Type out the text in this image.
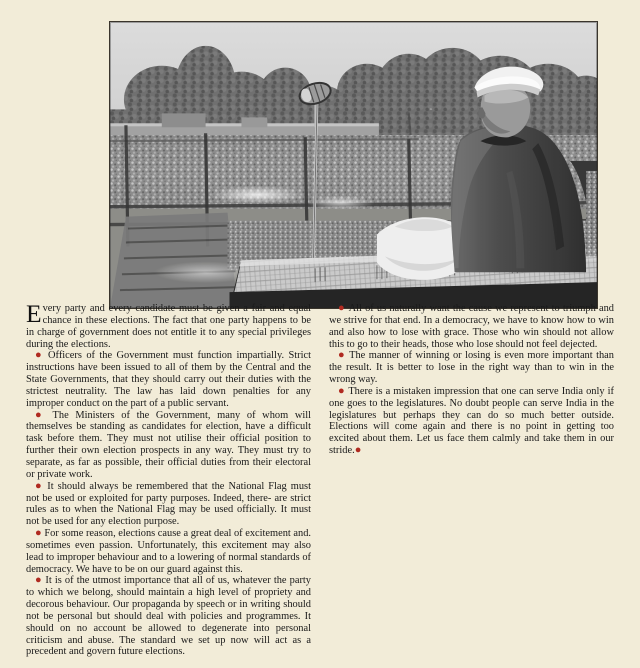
Every party and every candidate must be given a fair and equal chance in these elections. The fact that one party happens to be in charge of government does not entitle it to any special privileges during the elections.

● Officers of the Government must function impartially. Strict instructions have been issued to all of them by the Central and the State Governments, that they should carry out their duties with the strictest neutrality. The law has laid down penalties for any improper conduct on the part of a public servant.

● The Ministers of the Government, many of whom will themselves be standing as candidates for election, have a difficult task before them. They must not utilise their official position to further their own election prospects in any way. They must try to separate, as far as possible, their official duties from their electoral or private work.

● It should always be remembered that the National Flag must not be used or exploited for party purposes. Indeed, there- are strict rules as to when the National Flag may be used officially. It must not be used for any election purpose.

● For some reason, elections cause a great deal of excitement and. sometimes even passion. Unfortunately, this excitement may also lead to improper behaviour and to a lowering of normal standards of democracy. We have to be on our guard against this.

● It is of the utmost importance that all of us, whatever the party to which we belong, should maintain a high level of propriety and decorous behaviour. Our propaganda by speech or in writing should not be personal but should deal with policies and programmes. It should on no account be allowed to degenerate into personal criticism and abuse. The standard we set up now will act as a precedent and govern future elections.

● All of us naturally want the cause we represent to triumph and we strive for that end. In a democracy, we have to know how to win and also how to lose with grace. Those who win should not allow this to go to their heads, those who lose should not feel dejected.

● The manner of winning or losing is even more important than the result. It is better to lose in the right way than to win in the wrong way.

● There is a mistaken impression that one can serve India only if one goes to the legislatures. No doubt people can serve India in the legislatures but perhaps they can do so much better outside. Elections will come again and there is no point in getting too excited about them. Let us face them calmly and take them in our stride.●
